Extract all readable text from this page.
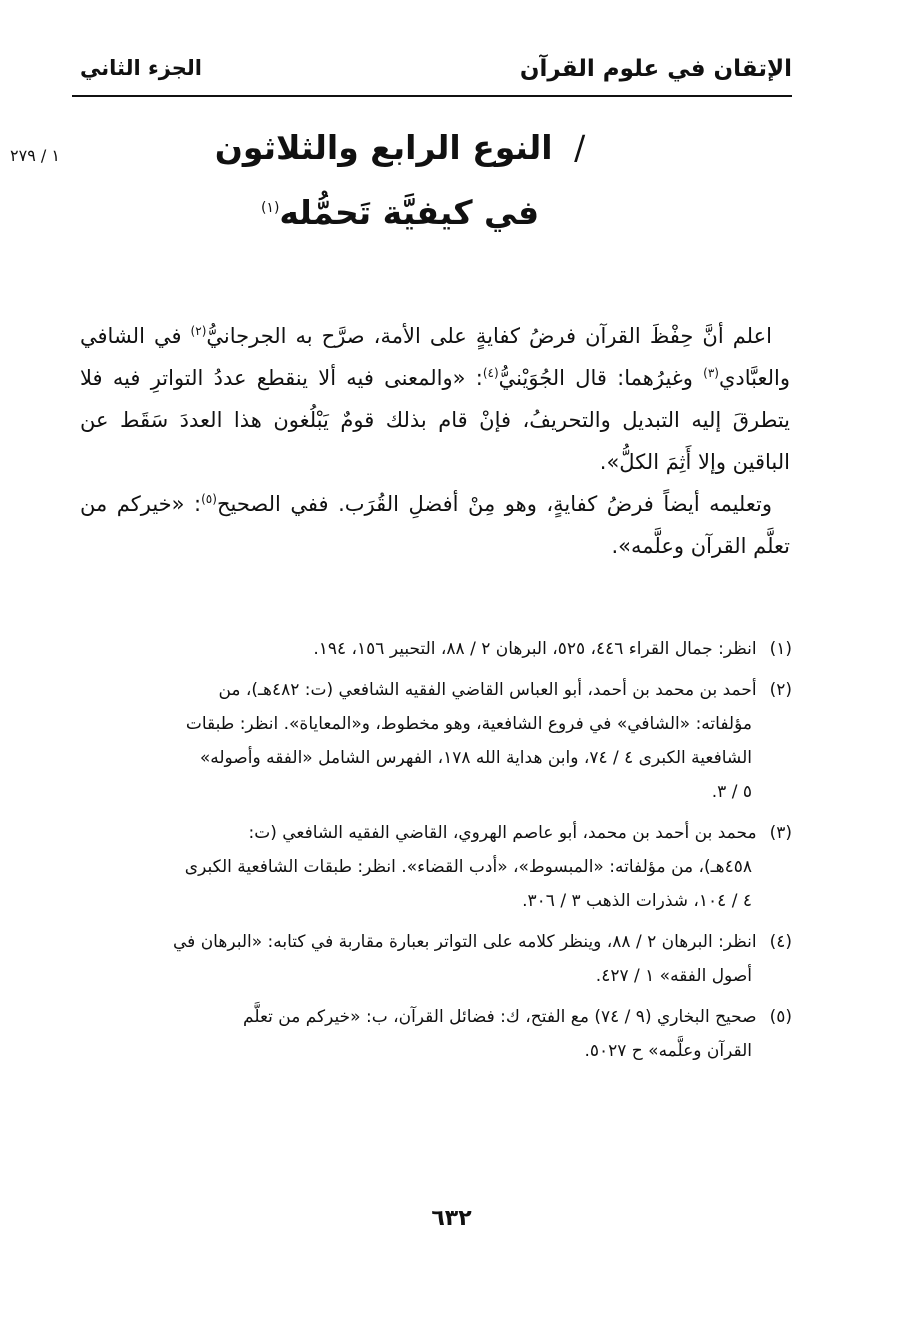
الإتقان في علوم القرآن
الجزء الثاني
١ / ٢٧٩	/ النوع الرابع والثلاثون
في كيفيَّة تَحمُّله$^{(١)}$

اعلم أنَّ حِفْظَ القرآن فرضُ كفايةٍ على الأمة، صرَّح به الجرجانيُّ$^{(٢)}$ في الشافي والعبَّادي$^{(٣)}$ وغيرُهما: قال الجُوَيْنيُّ$^{(٤)}$: «والمعنى فيه ألا ينقطع عددُ التواترِ فيه فلا يتطرقَ إليه التبديل والتحريفُ، فإنْ قام بذلك قومٌ يَبْلُغون هذا العددَ سَقَط عن الباقين وإلا أَثِمَ الكلُّ».

وتعليمه أيضاً فرضُ كفايةٍ، وهو مِنْ أفضلِ القُرَب. ففي الصحيح$^{(٥)}$: «خيركم من تعلَّم القرآن وعلَّمه».

(١) انظر: جمال القراء ٤٤٦، ٥٢٥، البرهان ٢ / ٨٨، التحبير ١٥٦، ١٩٤.
(٢) أحمد بن محمد بن أحمد، أبو العباس القاضي الفقيه الشافعي (ت: ٤٨٢هـ)، من
مؤلفاته: «الشافي» في فروع الشافعية، وهو مخطوط، و«المعاياة». انظر: طبقات
الشافعية الكبرى ٤ / ٧٤، وابن هداية الله ١٧٨، الفهرس الشامل «الفقه وأصوله»
٥ / ٣.
(٣) محمد بن أحمد بن محمد، أبو عاصم الهروي، القاضي الفقيه الشافعي (ت:
٤٥٨هـ)، من مؤلفاته: «المبسوط»، «أدب القضاء». انظر: طبقات الشافعية الكبرى
٤ / ١٠٤، شذرات الذهب ٣ / ٣٠٦.
(٤) انظر: البرهان ٢ / ٨٨، وينظر كلامه على التواتر بعبارة مقاربة في كتابه: «البرهان في
أصول الفقه» ١ / ٤٢٧.
(٥) صحيح البخاري (٩ / ٧٤) مع الفتح، ك: فضائل القرآن، ب: «خيركم من تعلَّم
القرآن وعلَّمه» ح ٥٠٢٧.
٦٣٢
